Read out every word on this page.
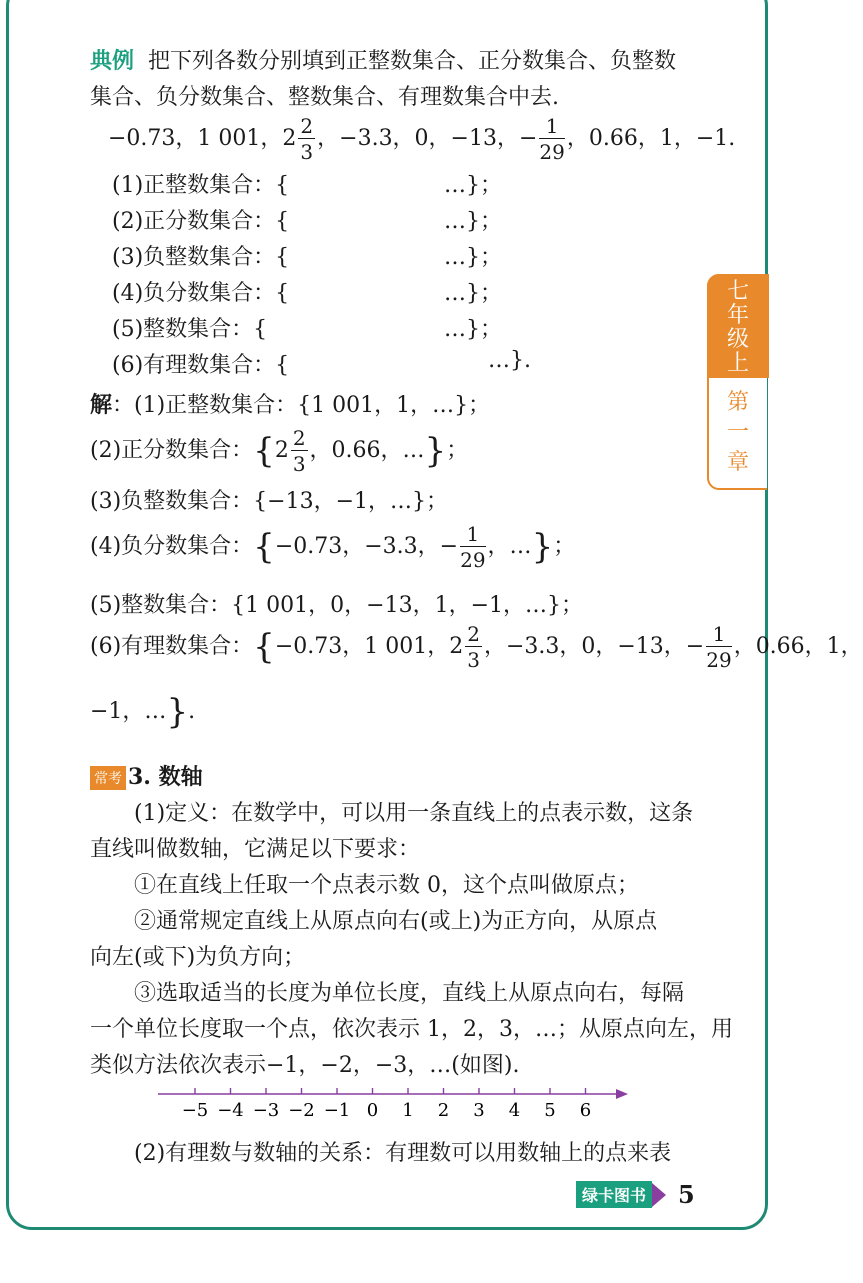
典例 把下列各数分别填到正整数集合、正分数集合、负整数
集合、负分数集合、整数集合、有理数集合中去.
−0.73，1 001，$2 \frac{2}{3}$ ，−3.3，0，−13，− $\frac{1}{29}$ ，0.66，1，−1.
(1)正整数集合：{	…}；
(2)正分数集合：{	…}；
(3)负整数集合：{	…}；
(4)负分数集合：{	…}；
(5)整数集合：{	…}；
(6)有理数集合：{	…}.
解：(1)正整数集合：{1 001，1，…}；
(2)正分数集合：{$2 \frac{2}{3}$ ，0.66，…}；
(3)负整数集合：{−13，−1，…}；
(4)负分数集合：{−0.73，−3.3，− $\frac{1}{29}$ ，…}；
(5)整数集合：{1 001，0，−13，1，−1，…}；
(6)有理数集合：{−0.73，1 001，$2 \frac{2}{3}$ ，−3.3，0，−13，− $\frac{1}{29}$ ，0.66，1，
−1，…}.
常考 3. 数轴
(1)定义：在数学中，可以用一条直线上的点表示数，这条
直线叫做数轴，它满足以下要求：
①在直线上任取一个点表示数 0，这个点叫做原点；
②通常规定直线上从原点向右(或上)为正方向，从原点
向左(或下)为负方向；
③选取适当的长度为单位长度，直线上从原点向右，每隔
一个单位长度取一个点，依次表示 1，2，3，…；从原点向左，用
类似方法依次表示−1，−2，−3，…(如图).
−5 −4 −3 −2 −1 0 1 2 3 4 5 6
(2)有理数与数轴的关系：有理数可以用数轴上的点来表
七
年
级
上
第
一
章
绿卡图书 5
